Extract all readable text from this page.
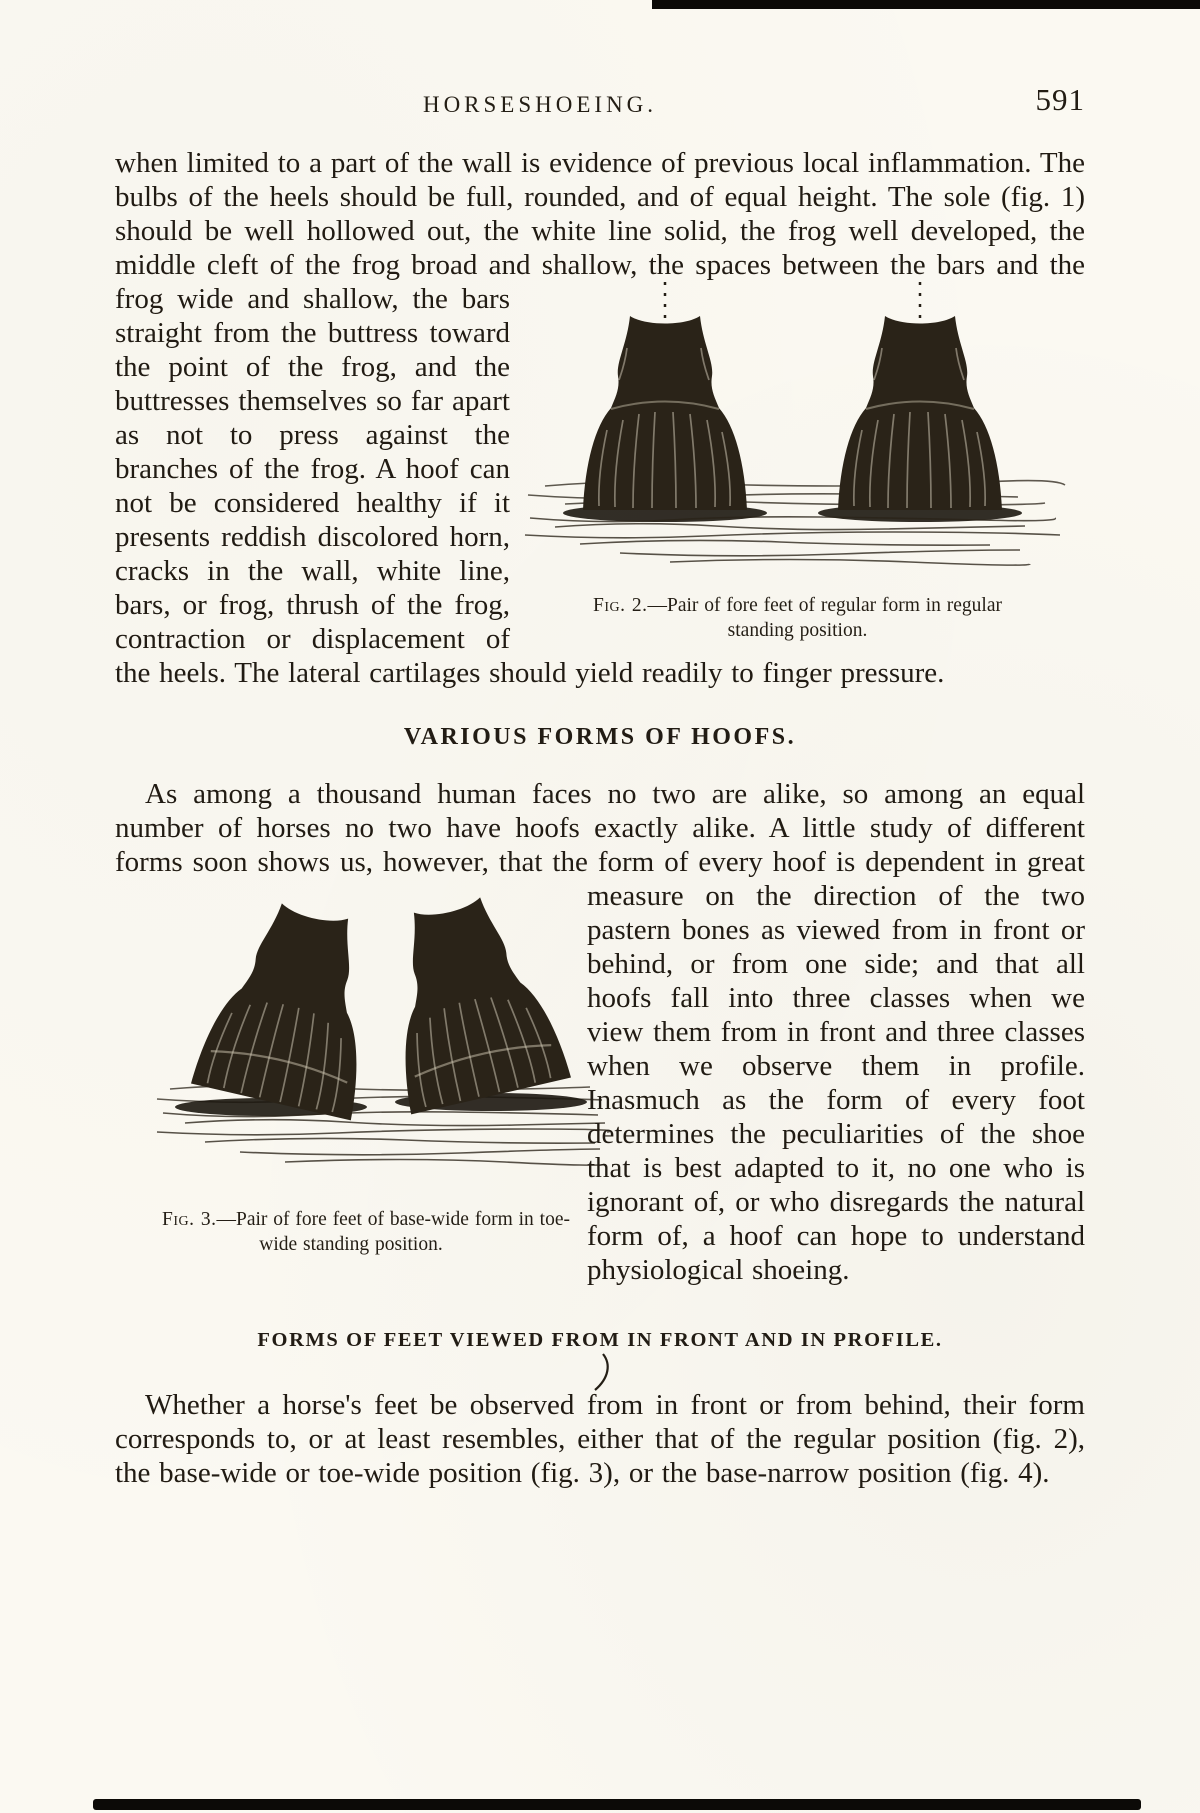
HORSESHOEING.	591
when limited to a part of the wall is evidence of previous local inflammation. The bulbs of the heels should be full, rounded, and of equal height. The sole (fig. 1) should be well hollowed out, the white line solid, the frog well developed, the middle cleft of the frog broad and shallow, the spaces between the bars and the frog wide
Fig. 2.—Pair of fore feet of regular form in regular standing position.
and shallow, the bars straight from the buttress toward the point of the frog, and the buttresses themselves so far apart as not to press against the branches of the frog. A hoof can not be considered healthy if it presents reddish discolored horn, cracks in the wall, white line, bars, or frog, thrush of the frog, contraction or displacement of the heels. The lateral cartilages should yield readily to finger pressure.
VARIOUS FORMS OF HOOFS.
As among a thousand human faces no two are alike, so among an equal number of horses no two have hoofs exactly alike. A little study of different forms soon shows us, however, that the form of every hoof is dependent in great measure on the direction of the two
Fig. 3.—Pair of fore feet of base-wide form in toe-wide standing position.
pastern bones as viewed from in front or behind, or from one side; and that all hoofs fall into three classes when we view them from in front and three classes when we observe them in profile. Inasmuch as the form of every foot determines the peculiarities of the shoe that is best adapted to it, no one who is ignorant of, or who disregards the natural form of, a hoof can hope to understand physiological shoeing.
FORMS OF FEET VIEWED FROM IN FRONT AND IN PROFILE.
Whether a horse's feet be observed from in front or from behind, their form corresponds to, or at least resembles, either that of the regular position (fig. 2), the base-wide or toe-wide position (fig. 3), or the base-narrow position (fig. 4).
